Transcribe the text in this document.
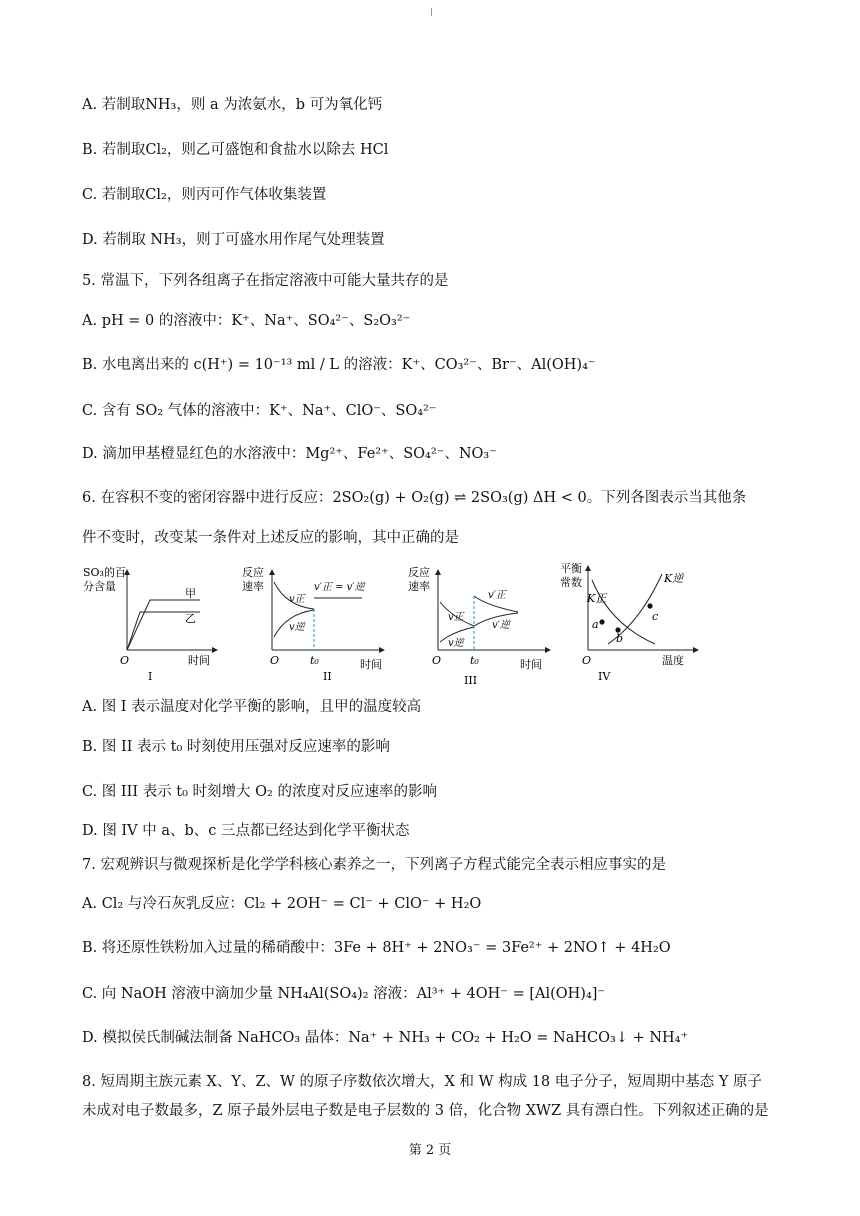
A. 若制取NH₃，则 a 为浓氨水，b 可为氧化钙
B. 若制取Cl₂，则乙可盛饱和食盐水以除去 HCl
C. 若制取Cl₂，则丙可作气体收集装置
D. 若制取 NH₃，则丁可盛水用作尾气处理装置
5. 常温下，下列各组离子在指定溶液中可能大量共存的是
A. pH = 0 的溶液中：K⁺、Na⁺、SO₄²⁻、S₂O₃²⁻
B. 水电离出来的 c(H⁺) = 10⁻¹³ ml / L 的溶液：K⁺、CO₃²⁻、Br⁻、Al(OH)₄⁻
C. 含有 SO₂ 气体的溶液中：K⁺、Na⁺、ClO⁻、SO₄²⁻
D. 滴加甲基橙显红色的水溶液中：Mg²⁺、Fe²⁺、SO₄²⁻、NO₃⁻
6. 在容积不变的密闭容器中进行反应：2SO₂(g) + O₂(g) ⇌ 2SO₃(g) ΔH < 0。下列各图表示当其他条
件不变时，改变某一条件对上述反应的影响，其中正确的是
SO₃的百
分含量
甲
乙
O	时间
I
反应
速率	v′正 = v′逆
v正
v逆
O	t₀	时间
II
反应
速率
v′正
v′逆
v正
v逆
O	t₀	时间
III
平衡
常数
K正
K逆
a
b
c
O	温度
IV
A. 图 I 表示温度对化学平衡的影响，且甲的温度较高
B. 图 II 表示 t₀ 时刻使用压强对反应速率的影响
C. 图 III 表示 t₀ 时刻增大 O₂ 的浓度对反应速率的影响
D. 图 IV 中 a、b、c 三点都已经达到化学平衡状态
7. 宏观辨识与微观探析是化学学科核心素养之一，下列离子方程式能完全表示相应事实的是
A. Cl₂ 与冷石灰乳反应：Cl₂ + 2OH⁻ = Cl⁻ + ClO⁻ + H₂O
B. 将还原性铁粉加入过量的稀硝酸中：3Fe + 8H⁺ + 2NO₃⁻ = 3Fe²⁺ + 2NO↑ + 4H₂O
C. 向 NaOH 溶液中滴加少量 NH₄Al(SO₄)₂ 溶液：Al³⁺ + 4OH⁻ = [Al(OH)₄]⁻
D. 模拟侯氏制碱法制备 NaHCO₃ 晶体：Na⁺ + NH₃ + CO₂ + H₂O = NaHCO₃↓ + NH₄⁺
8. 短周期主族元素 X、Y、Z、W 的原子序数依次增大，X 和 W 构成 18 电子分子，短周期中基态 Y 原子
未成对电子数最多，Z 原子最外层电子数是电子层数的 3 倍，化合物 XWZ 具有漂白性。下列叙述正确的是
第 2 页
